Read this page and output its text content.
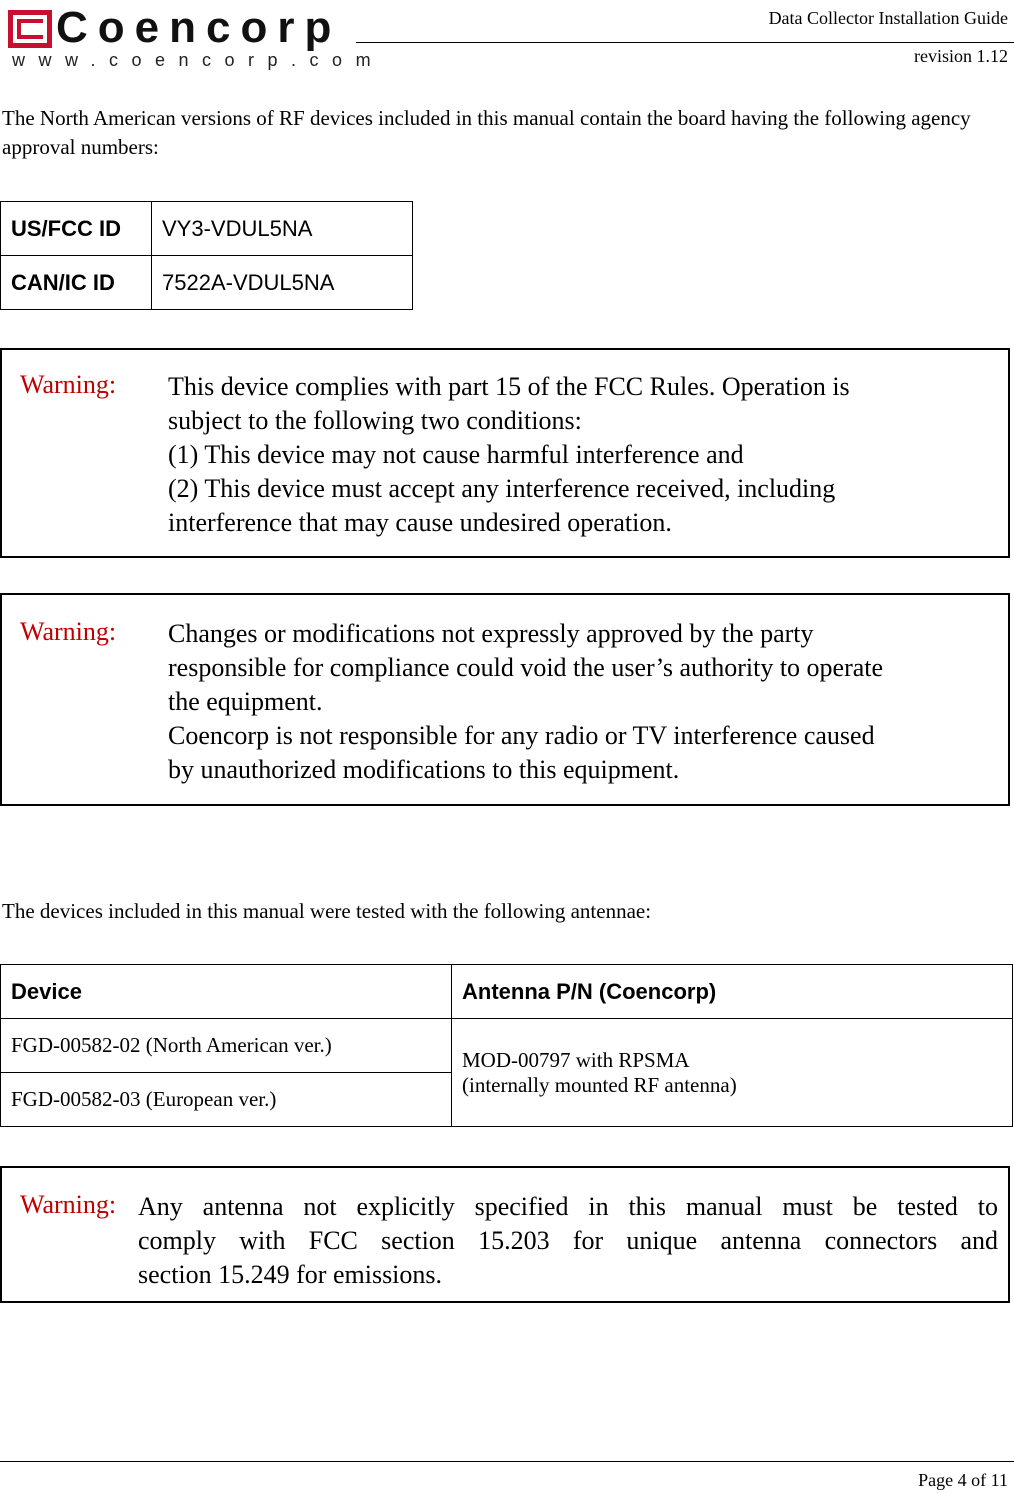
Coencorp
www.coencorp.com
Data Collector Installation Guide
revision 1.12
The North American versions of RF devices included in this manual contain the board having the following agency approval numbers:
US/FCC ID	VY3-VDUL5NA
CAN/IC ID	7522A-VDUL5NA
Warning: This device complies with part 15 of the FCC Rules. Operation is
subject to the following two conditions:
(1) This device may not cause harmful interference and
(2) This device must accept any interference received, including
interference that may cause undesired operation.
Warning: Changes or modifications not expressly approved by the party
responsible for compliance could void the user’s authority to operate
the equipment.
Coencorp is not responsible for any radio or TV interference caused
by unauthorized modifications to this equipment.
The devices included in this manual were tested with the following antennae:
Device	Antenna P/N (Coencorp)
FGD-00582-02 (North American ver.)	MOD-00797 with RPSMA
(internally mounted RF antenna)

FGD-00582-03 (European ver.)	
Warning: Any antenna not explicitly specified in this manual must be tested to
comply with FCC section 15.203 for unique antenna connectors and
section 15.249 for emissions.
Page 4 of 11
